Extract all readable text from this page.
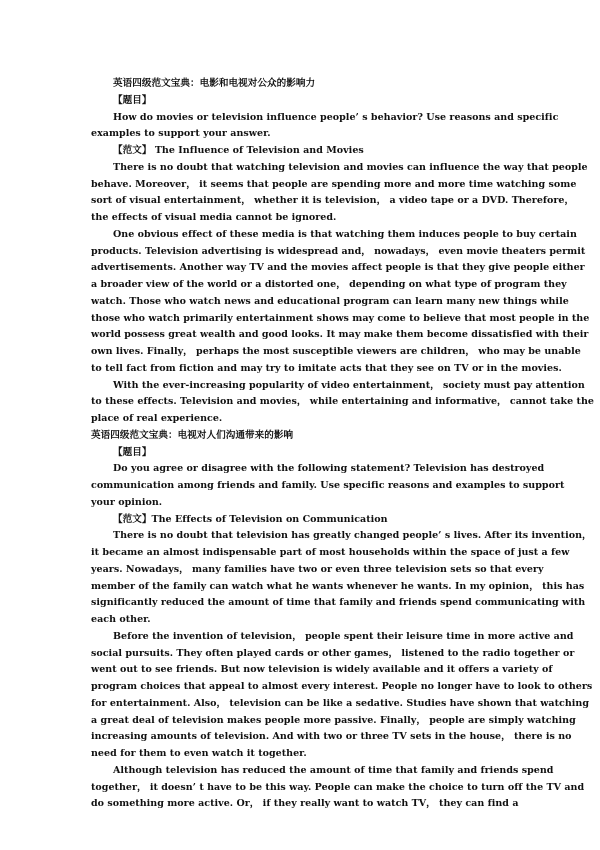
英语四级范文宝典：电影和电视对公众的影响力
【题目】
How do movies or television influence people’ s behavior? Use reasons and specific
examples to support your answer.
【范文】 The Influence of Television and Movies
There is no doubt that watching television and movies can influence the way that people
behave. Moreover， it seems that people are spending more and more time watching some
sort of visual entertainment， whether it is television， a video tape or a DVD. Therefore，
the effects of visual media cannot be ignored.
One obvious effect of these media is that watching them induces people to buy certain
products. Television advertising is widespread and， nowadays， even movie theaters permit
advertisements. Another way TV and the movies affect people is that they give people either
a broader view of the world or a distorted one， depending on what type of program they
watch. Those who watch news and educational program can learn many new things while
those who watch primarily entertainment shows may come to believe that most people in the
world possess great wealth and good looks. It may make them become dissatisfied with their
own lives. Finally， perhaps the most susceptible viewers are children， who may be unable
to tell fact from fiction and may try to imitate acts that they see on TV or in the movies.
With the ever-increasing popularity of video entertainment， society must pay attention
to these effects. Television and movies， while entertaining and informative， cannot take the
place of real experience.
英语四级范文宝典：电视对人们沟通带来的影响
【题目】
Do you agree or disagree with the following statement? Television has destroyed
communication among friends and family. Use specific reasons and examples to support
your opinion.
【范文】The Effects of Television on Communication
There is no doubt that television has greatly changed people’ s lives. After its invention，
it became an almost indispensable part of most households within the space of just a few
years. Nowadays， many families have two or even three television sets so that every
member of the family can watch what he wants whenever he wants. In my opinion， this has
significantly reduced the amount of time that family and friends spend communicating with
each other.
Before the invention of television， people spent their leisure time in more active and
social pursuits. They often played cards or other games， listened to the radio together or
went out to see friends. But now television is widely available and it offers a variety of
program choices that appeal to almost every interest. People no longer have to look to others
for entertainment. Also， television can be like a sedative. Studies have shown that watching
a great deal of television makes people more passive. Finally， people are simply watching
increasing amounts of television. And with two or three TV sets in the house， there is no
need for them to even watch it together.
Although television has reduced the amount of time that family and friends spend
together， it doesn’ t have to be this way. People can make the choice to turn off the TV and
do something more active. Or， if they really want to watch TV， they can find a
